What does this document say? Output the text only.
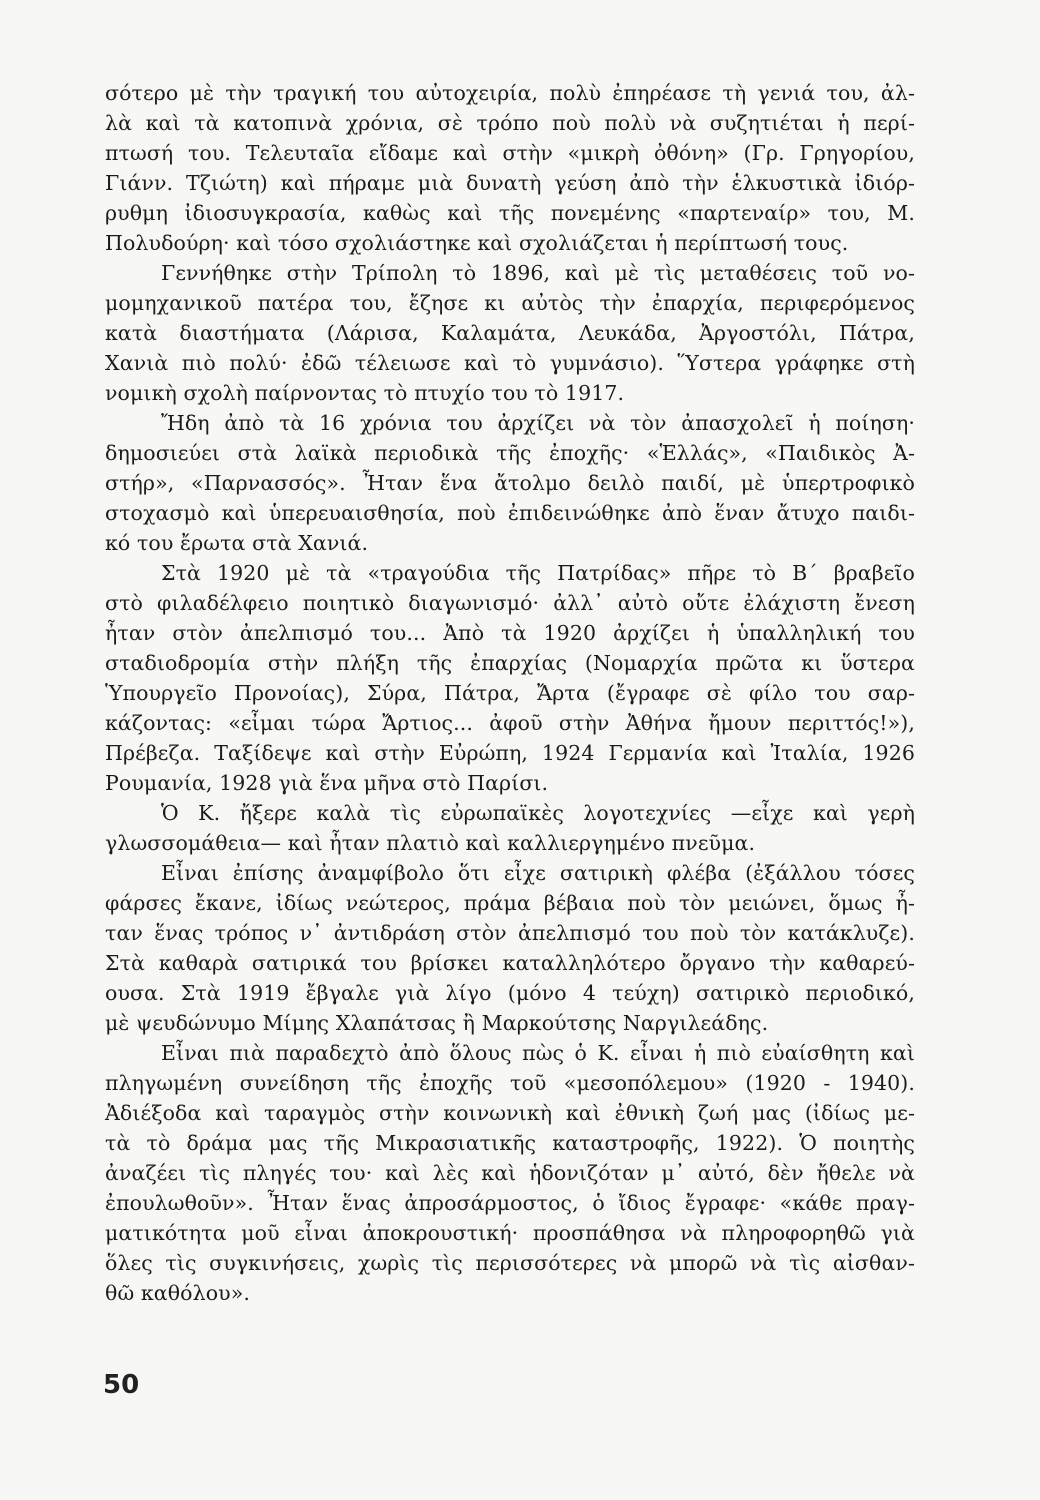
σότερο μὲ τὴν τραγική του αὐτοχειρία, πολὺ ἐπηρέασε τὴ γενιά του, ἀλ-
λὰ καὶ τὰ κατοπινὰ χρόνια, σὲ τρόπο ποὺ πολὺ νὰ συζητιέται ἡ περί-
πτωσή του. Τελευταῖα εἴδαμε καὶ στὴν «μικρὴ ὀθόνη» (Γρ. Γρηγορίου,
Γιάνν. Τζιώτη) καὶ πήραμε μιὰ δυνατὴ γεύση ἀπὸ τὴν ἑλκυστικὰ ἰδιόρ-
ρυθμη ἰδιοσυγκρασία, καθὼς καὶ τῆς πονεμένης «παρτεναίρ» του, Μ.
Πολυδούρη· καὶ τόσο σχολιάστηκε καὶ σχολιάζεται ἡ περίπτωσή τους.
Γεννήθηκε στὴν Τρίπολη τὸ 1896, καὶ μὲ τὶς μεταθέσεις τοῦ νο-
μομηχανικοῦ πατέρα του, ἔζησε κι αὐτὸς τὴν ἐπαρχία, περιφερόμενος
κατὰ διαστήματα (Λάρισα, Καλαμάτα, Λευκάδα, Ἀργοστόλι, Πάτρα,
Χανιὰ πιὸ πολύ· ἐδῶ τέλειωσε καὶ τὸ γυμνάσιο). Ὕστερα γράφηκε στὴ
νομικὴ σχολὴ παίρνοντας τὸ πτυχίο του τὸ 1917.
Ἤδη ἀπὸ τὰ 16 χρόνια του ἀρχίζει νὰ τὸν ἀπασχολεῖ ἡ ποίηση·
δημοσιεύει στὰ λαϊκὰ περιοδικὰ τῆς ἐποχῆς· «Ἑλλάς», «Παιδικὸς Ἀ-
στήρ», «Παρνασσός». Ἦταν ἕνα ἄτολμο δειλὸ παιδί, μὲ ὑπερτροφικὸ
στοχασμὸ καὶ ὑπερευαισθησία, ποὺ ἐπιδεινώθηκε ἀπὸ ἕναν ἄτυχο παιδι-
κό του ἔρωτα στὰ Χανιά.
Στὰ 1920 μὲ τὰ «τραγούδια τῆς Πατρίδας» πῆρε τὸ Β΄ βραβεῖο
στὸ φιλαδέλφειο ποιητικὸ διαγωνισμό· ἀλλ᾿ αὐτὸ οὔτε ἐλάχιστη ἔνεση
ἦταν στὸν ἀπελπισμό του... Ἀπὸ τὰ 1920 ἀρχίζει ἡ ὑπαλληλική του
σταδιοδρομία στὴν πλήξη τῆς ἐπαρχίας (Νομαρχία πρῶτα κι ὕστερα
Ὑπουργεῖο Προνοίας), Σύρα, Πάτρα, Ἄρτα (ἔγραφε σὲ φίλο του σαρ-
κάζοντας: «εἶμαι τώρα Ἄρτιος... ἀφοῦ στὴν Ἀθήνα ἤμουν περιττός!»),
Πρέβεζα. Ταξίδεψε καὶ στὴν Εὐρώπη, 1924 Γερμανία καὶ Ἰταλία, 1926
Ρουμανία, 1928 γιὰ ἕνα μῆνα στὸ Παρίσι.
Ὁ Κ. ἤξερε καλὰ τὶς εὐρωπαϊκὲς λογοτεχνίες —εἶχε καὶ γερὴ
γλωσσομάθεια— καὶ ἦταν πλατιὸ καὶ καλλιεργημένο πνεῦμα.
Εἶναι ἐπίσης ἀναμφίβολο ὅτι εἶχε σατιρικὴ φλέβα (ἐξάλλου τόσες
φάρσες ἔκανε, ἰδίως νεώτερος, πράμα βέβαια ποὺ τὸν μειώνει, ὅμως ἦ-
ταν ἕνας τρόπος ν᾿ ἀντιδράση στὸν ἀπελπισμό του ποὺ τὸν κατάκλυζε).
Στὰ καθαρὰ σατιρικά του βρίσκει καταλληλότερο ὄργανο τὴν καθαρεύ-
ουσα. Στὰ 1919 ἔβγαλε γιὰ λίγο (μόνο 4 τεύχη) σατιρικὸ περιοδικό,
μὲ ψευδώνυμο Μίμης Χλαπάτσας ἢ Μαρκούτσης Ναργιλεάδης.
Εἶναι πιὰ παραδεχτὸ ἀπὸ ὅλους πὼς ὁ Κ. εἶναι ἡ πιὸ εὐαίσθητη καὶ
πληγωμένη συνείδηση τῆς ἐποχῆς τοῦ «μεσοπόλεμου» (1920 - 1940).
Ἀδιέξοδα καὶ ταραγμὸς στὴν κοινωνικὴ καὶ ἐθνικὴ ζωή μας (ἰδίως με-
τὰ τὸ δράμα μας τῆς Μικρασιατικῆς καταστροφῆς, 1922). Ὁ ποιητὴς
ἀναζέει τὶς πληγές του· καὶ λὲς καὶ ἡδονιζόταν μ᾿ αὐτό, δὲν ἤθελε νὰ
ἐπουλωθοῦν». Ἦταν ἕνας ἀπροσάρμοστος, ὁ ἴδιος ἔγραφε· «κάθε πραγ-
ματικότητα μοῦ εἶναι ἀποκρουστική· προσπάθησα νὰ πληροφορηθῶ γιὰ
ὅλες τὶς συγκινήσεις, χωρὶς τὶς περισσότερες νὰ μπορῶ νὰ τὶς αἰσθαν-
θῶ καθόλου».
50
